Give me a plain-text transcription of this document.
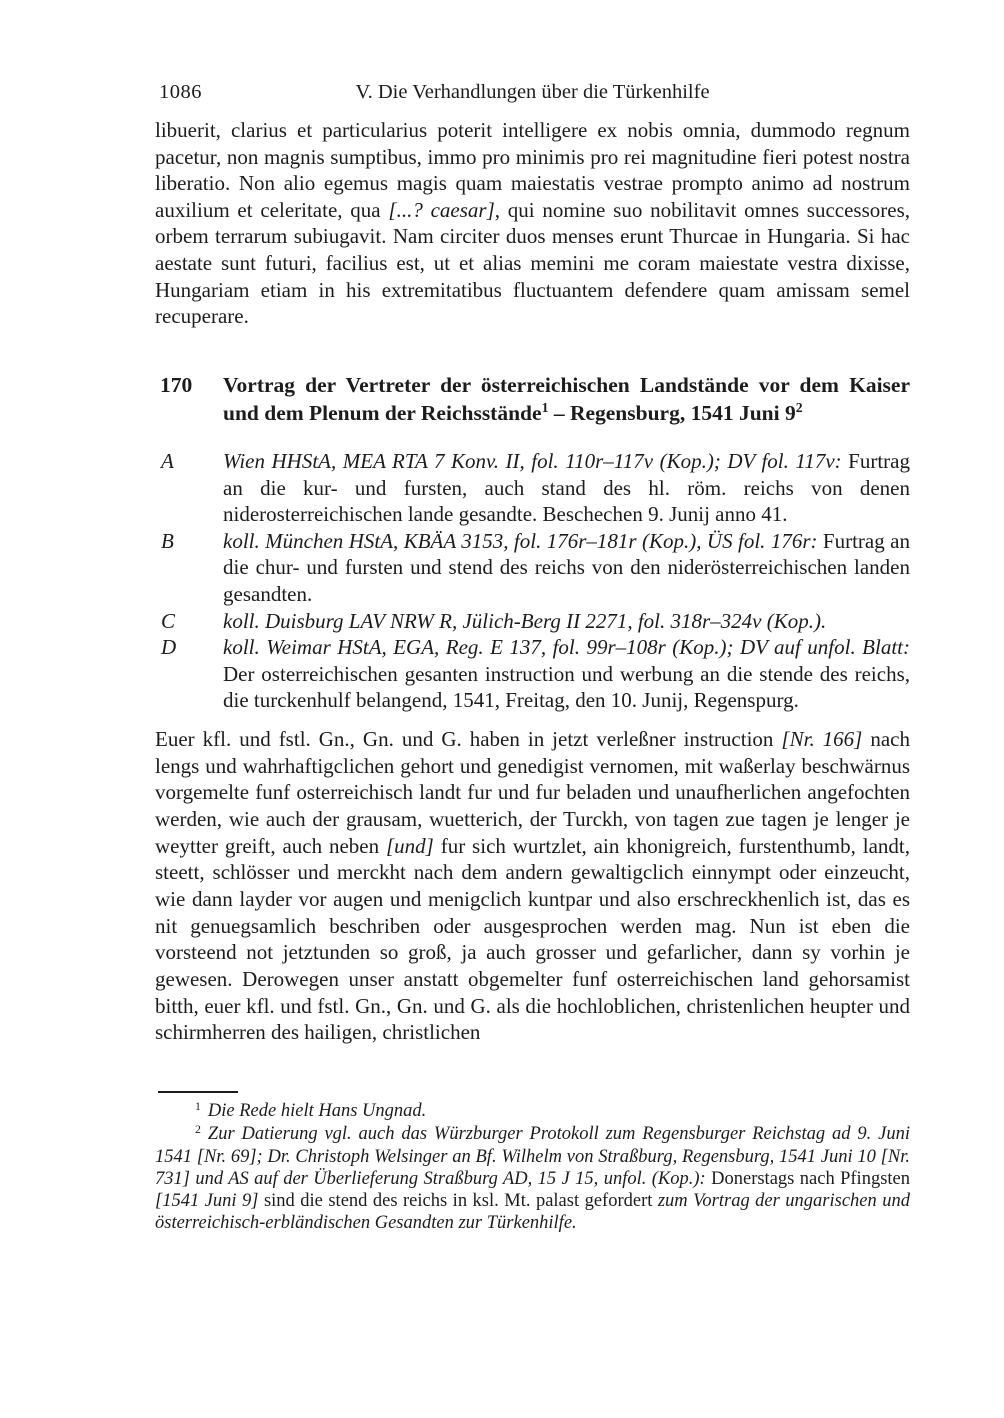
1086	V. Die Verhandlungen über die Türkenhilfe

libuerit, clarius et particularius poterit intelligere ex nobis omnia, dummodo regnum pacetur, non magnis sumptibus, immo pro minimis pro rei magnitudine fieri potest nostra liberatio. Non alio egemus magis quam maiestatis vestrae prompto animo ad nostrum auxilium et celeritate, qua [...? caesar], qui nomine suo nobilitavit omnes successores, orbem terrarum subiugavit. Nam circiter duos menses erunt Thurcae in Hungaria. Si hac aestate sunt futuri, facilius est, ut et alias memini me coram maiestate vestra dixisse, Hungariam etiam in his extremitatibus fluctuantem defendere quam amissam semel recuperare.

170 Vortrag der Vertreter der österreichischen Landstände vor dem Kaiser und dem Plenum der Reichsstände$^1$ – Regensburg, 1541 Juni 9$^2$
A Wien HHStA, MEA RTA 7 Konv. II, fol. 110r–117v (Kop.); DV fol. 117v: Furtrag an die kur- und fursten, auch stand des hl. röm. reichs von denen niderosterreichischen lande gesandte. Beschechen 9. Junij anno 41.
B koll. München HStA, KBÄA 3153, fol. 176r–181r (Kop.), ÜS fol. 176r: Furtrag an die chur- und fursten und stend des reichs von den niderösterreichischen landen gesandten.
C koll. Duisburg LAV NRW R, Jülich-Berg II 2271, fol. 318r–324v (Kop.).
D koll. Weimar HStA, EGA, Reg. E 137, fol. 99r–108r (Kop.); DV auf unfol. Blatt: Der osterreichischen gesanten instruction und werbung an die stende des reichs, die turckenhulf belangend, 1541, Freitag, den 10. Junij, Regenspurg.

Euer kfl. und fstl. Gn., Gn. und G. haben in jetzt verleßner instruction [Nr. 166] nach lengs und wahrhaftigclichen gehort und genedigist vernomen, mit waßerlay beschwärnus vorgemelte funf osterreichisch landt fur und fur beladen und unaufherlichen angefochten werden, wie auch der grausam, wuetterich, der Turckh, von tagen zue tagen je lenger je weytter greift, auch neben [und] fur sich wurtzlet, ain khonigreich, furstenthumb, landt, steett, schlösser und merckht nach dem andern gewaltigclich einnympt oder einzeucht, wie dann layder vor augen und menigclich kuntpar und also erschreckhenlich ist, das es nit genuegsamlich beschriben oder ausgesprochen werden mag. Nun ist eben die vorsteend not jetztunden so groß, ja auch grosser und gefarlicher, dann sy vorhin je gewesen. Derowegen unser anstatt obgemelter funf osterreichischen land gehorsamist bitth, euer kfl. und fstl. Gn., Gn. und G. als die hochloblichen, christenlichen heupter und schirmherren des hailigen, christlichen

$^1$ Die Rede hielt Hans Ungnad.

$^2$ Zur Datierung vgl. auch das Würzburger Protokoll zum Regensburger Reichstag ad 9. Juni 1541 [Nr. 69]; Dr. Christoph Welsinger an Bf. Wilhelm von Straßburg, Regensburg, 1541 Juni 10 [Nr. 731] und AS auf der Überlieferung Straßburg AD, 15 J 15, unfol. (Kop.): Donerstags nach Pfingsten [1541 Juni 9] sind die stend des reichs in ksl. Mt. palast gefordert zum Vortrag der ungarischen und österreichisch-erbländischen Gesandten zur Türkenhilfe.
